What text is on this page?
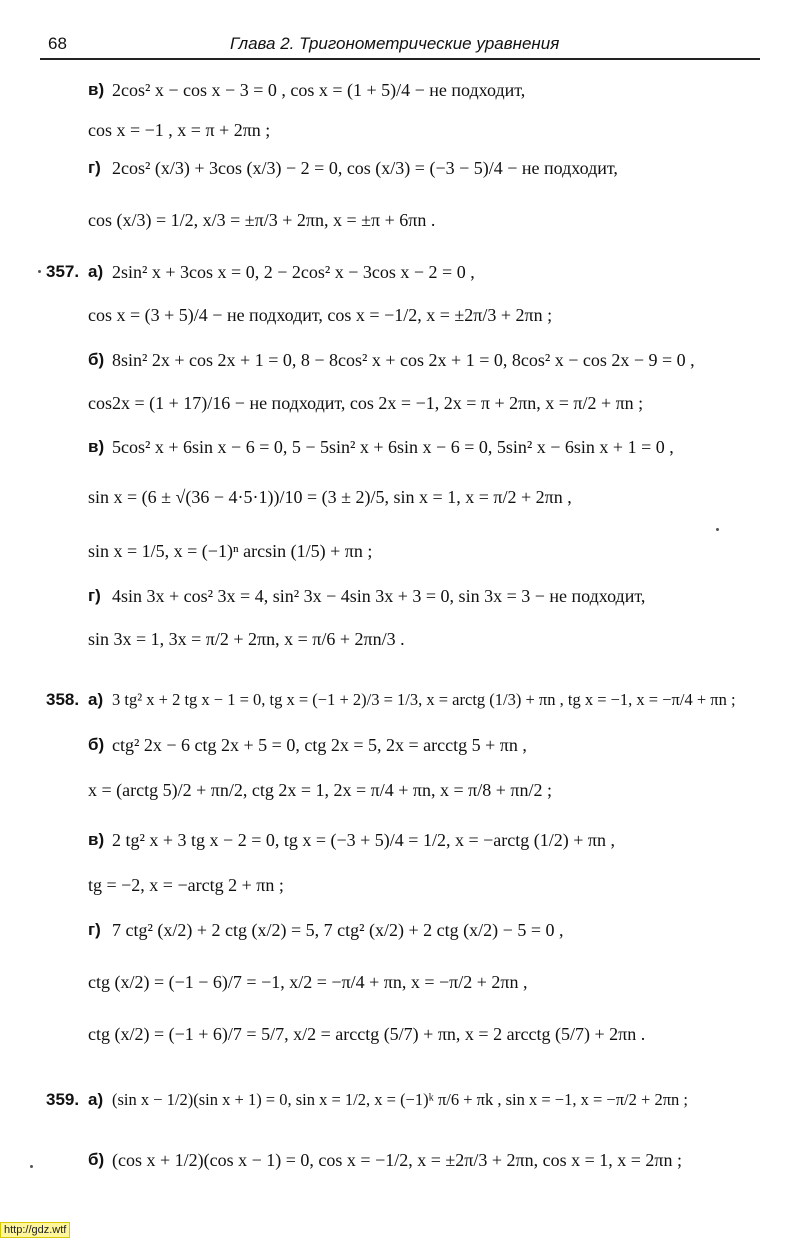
68	Глава 2. Тригонометрические уравнения
в) 2cos² x − cos x − 3 = 0 , cos x = (1 + 5)/4 − не подходит,
cos x = −1 , x = π + 2πn ;
г) 2cos² (x/3) + 3cos (x/3) − 2 = 0, cos (x/3) = (−3 − 5)/4 − не подходит,
cos (x/3) = 1/2, x/3 = ±π/3 + 2πn, x = ±π + 6πn .
357. а) 2sin² x + 3cos x = 0, 2 − 2cos² x − 3cos x − 2 = 0 ,
cos x = (3 + 5)/4 − не подходит, cos x = −1/2, x = ±2π/3 + 2πn ;
б) 8sin² 2x + cos 2x + 1 = 0, 8 − 8cos² x + cos 2x + 1 = 0, 8cos² x − cos 2x − 9 = 0 ,
cos2x = (1 + 17)/16 − не подходит, cos 2x = −1, 2x = π + 2πn, x = π/2 + πn ;
в) 5cos² x + 6sin x − 6 = 0, 5 − 5sin² x + 6sin x − 6 = 0, 5sin² x − 6sin x + 1 = 0 ,
sin x = (6 ± √(36 − 4·5·1))/10 = (3 ± 2)/5, sin x = 1, x = π/2 + 2πn ,
sin x = 1/5, x = (−1)ⁿ arcsin (1/5) + πn ;
г) 4sin 3x + cos² 3x = 4, sin² 3x − 4sin 3x + 3 = 0, sin 3x = 3 − не подходит,
sin 3x = 1, 3x = π/2 + 2πn, x = π/6 + 2πn/3 .
358. а) 3 tg² x + 2 tg x − 1 = 0, tg x = (−1 + 2)/3 = 1/3, x = arctg (1/3) + πn , tg x = −1, x = −π/4 + πn ;
б) ctg² 2x − 6 ctg 2x + 5 = 0, ctg 2x = 5, 2x = arcctg 5 + πn ,
x = (arctg 5)/2 + πn/2, ctg 2x = 1, 2x = π/4 + πn, x = π/8 + πn/2 ;
в) 2 tg² x + 3 tg x − 2 = 0, tg x = (−3 + 5)/4 = 1/2, x = −arctg (1/2) + πn ,
tg = −2, x = −arctg 2 + πn ;
г) 7 ctg² (x/2) + 2 ctg (x/2) = 5, 7 ctg² (x/2) + 2 ctg (x/2) − 5 = 0 ,
ctg (x/2) = (−1 − 6)/7 = −1, x/2 = −π/4 + πn, x = −π/2 + 2πn ,
ctg (x/2) = (−1 + 6)/7 = 5/7, x/2 = arcctg (5/7) + πn, x = 2 arcctg (5/7) + 2πn .
359. а) (sin x − 1/2)(sin x + 1) = 0, sin x = 1/2, x = (−1)ᵏ π/6 + πk , sin x = −1, x = −π/2 + 2πn ;
б) (cos x + 1/2)(cos x − 1) = 0, cos x = −1/2, x = ±2π/3 + 2πn, cos x = 1, x = 2πn ;
http://gdz.wtf
